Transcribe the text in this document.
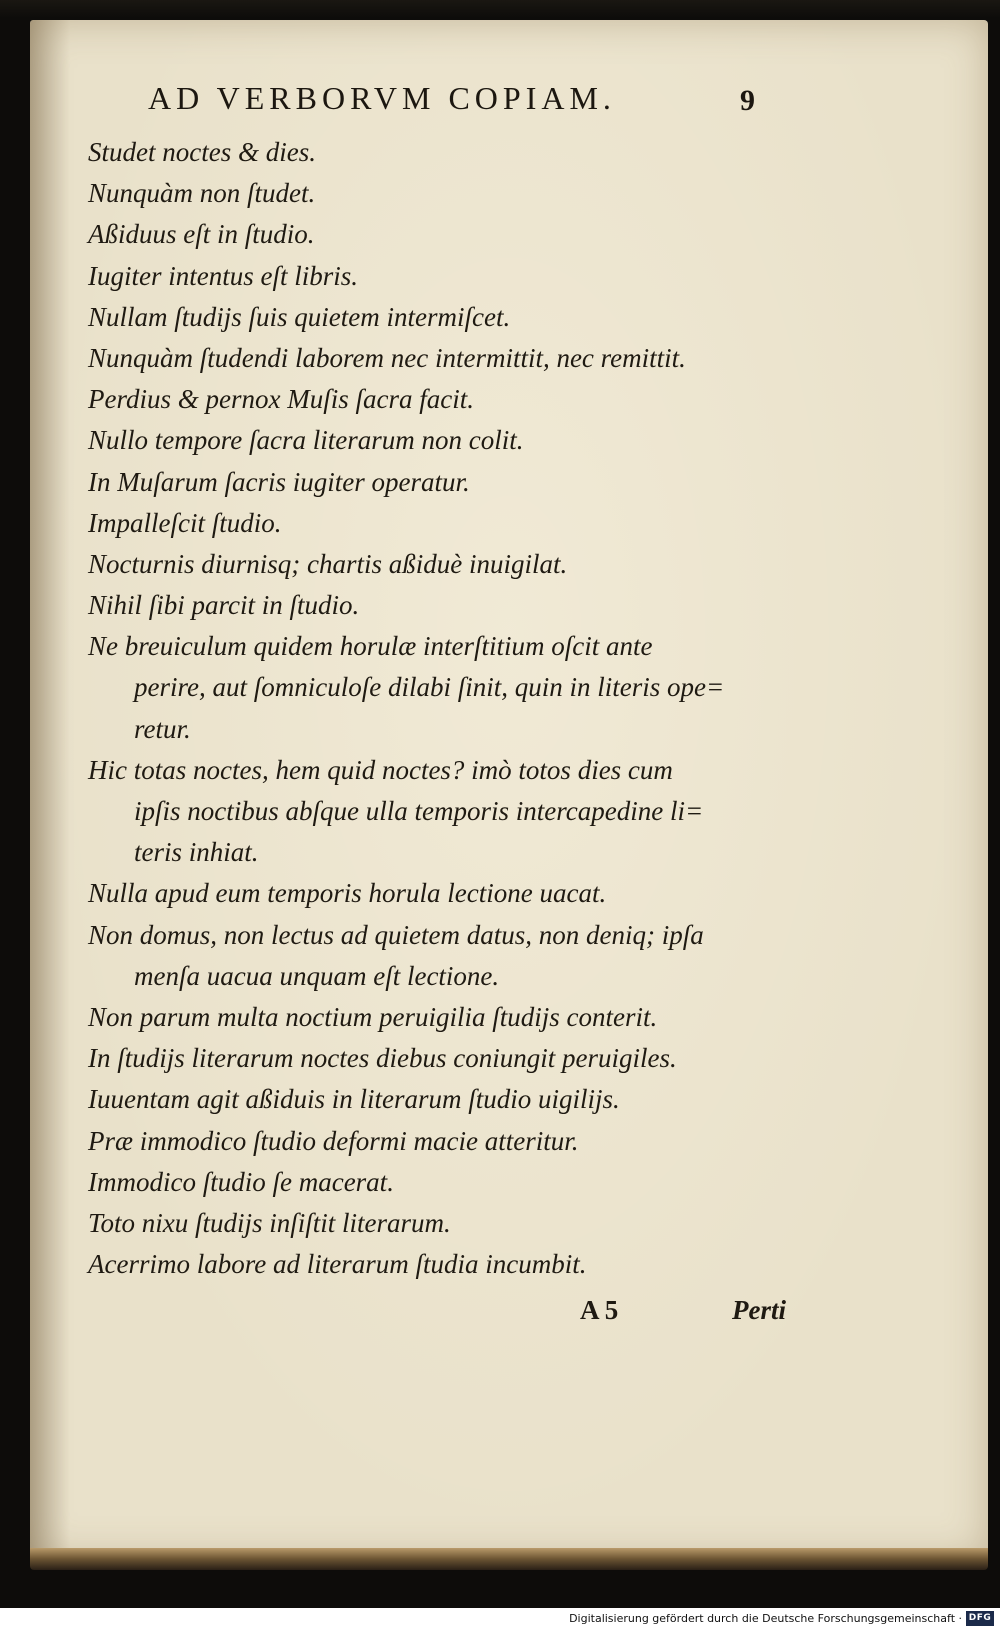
AD VERBORVM COPIAM.	9
Studet noctes & dies.
Nunquàm non ſtudet.
Aßiduus eſt in ſtudio.
Iugiter intentus eſt libris.
Nullam ſtudijs ſuis quietem intermiſcet.
Nunquàm ſtudendi laborem nec intermittit, nec remittit.
Perdius & pernox Muſis ſacra facit.
Nullo tempore ſacra literarum non colit.
In Muſarum ſacris iugiter operatur.
Impalleſcit ſtudio.
Nocturnis diurnisq; chartis aßiduè inuigilat.
Nihil ſibi parcit in ſtudio.
Ne breuiculum quidem horulæ interſtitium oſcit ante
perire, aut ſomniculoſe dilabi ſinit, quin in literis ope=
retur.
Hic totas noctes, hem quid noctes? imò totos dies cum
ipſis noctibus abſque ulla temporis intercapedine li=
teris inhiat.
Nulla apud eum temporis horula lectione uacat.
Non domus, non lectus ad quietem datus, non deniq; ipſa
menſa uacua unquam eſt lectione.
Non parum multa noctium peruigilia ſtudijs conterit.
In ſtudijs literarum noctes diebus coniungit peruigiles.
Iuuentam agit aßiduis in literarum ſtudio uigilijs.
Præ immodico ſtudio deformi macie atteritur.
Immodico ſtudio ſe macerat.
Toto nixu ſtudijs inſiſtit literarum.
Acerrimo labore ad literarum ſtudia incumbit.
A 5	Perti
Digitalisierung gefördert durch die Deutsche Forschungsgemeinschaft · DFG
